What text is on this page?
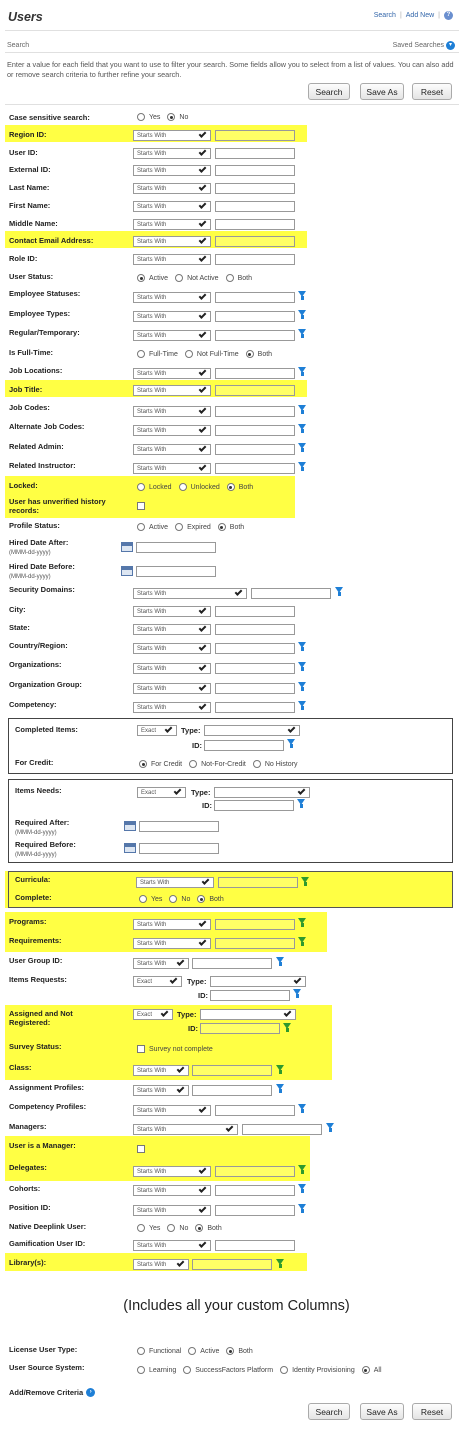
Users	Search | Add New |	?
Search	Saved Searches ▾
Enter a value for each field that you want to use to filter your search. Some fields allow you to select from a list of values. You can also add or remove search criteria to further refine your search.
Search	Save As	Reset
Case sensitive search:	Yes	No
Region ID:	Starts With
User ID:	Starts With
External ID:	Starts With
Last Name:	Starts With
First Name:	Starts With
Middle Name:	Starts With
Contact Email Address:	Starts With
Role ID:	Starts With
User Status:	Active	Not Active	Both
Employee Statuses:	Starts With
Employee Types:	Starts With
Regular/Temporary:	Starts With
Is Full-Time:	Full-Time	Not Full-Time	Both
Job Locations:	Starts With
Job Title:	Starts With
Job Codes:	Starts With
Alternate Job Codes:	Starts With
Related Admin:	Starts With
Related Instructor:	Starts With
Locked:	Locked	Unlocked	Both
User has unverified history records:
Profile Status:	Active	Expired	Both
Hired Date After:
(MMM-dd-yyyy)
Hired Date Before:
(MMM-dd-yyyy)
Security Domains:	Starts With
City:	Starts With
State:	Starts With
Country/Region:	Starts With
Organizations:	Starts With
Organization Group:	Starts With
Competency:	Starts With
Completed Items:	Exact	Type:
ID:
For Credit:	For Credit	Not-For-Credit	No History
Items Needs:	Exact	Type:
ID:
Required After:
(MMM-dd-yyyy)
Required Before:
(MMM-dd-yyyy)
Curricula:	Starts With
Complete:	Yes	No	Both
Programs:	Starts With
Requirements:	Starts With
User Group ID:	Starts With
Items Requests:	Exact	Type:
ID:
Assigned and Not Registered:
Exact	Type:
ID:
Survey Status:	Survey not complete
Class:	Starts With
Assignment Profiles:	Starts With
Competency Profiles:	Starts With
Managers:	Starts With
User is a Manager:
Delegates:	Starts With
Cohorts:	Starts With
Position ID:	Starts With
Native Deeplink User:	Yes	No	Both
Gamification User ID:	Starts With
Library(s):	Starts With
(Includes all your custom Columns)
License User Type:	Functional	Active	Both
User Source System:	Learning	SuccessFactors Platform	Identity Provisioning	All
Add/Remove Criteria	›
Search	Save As	Reset
